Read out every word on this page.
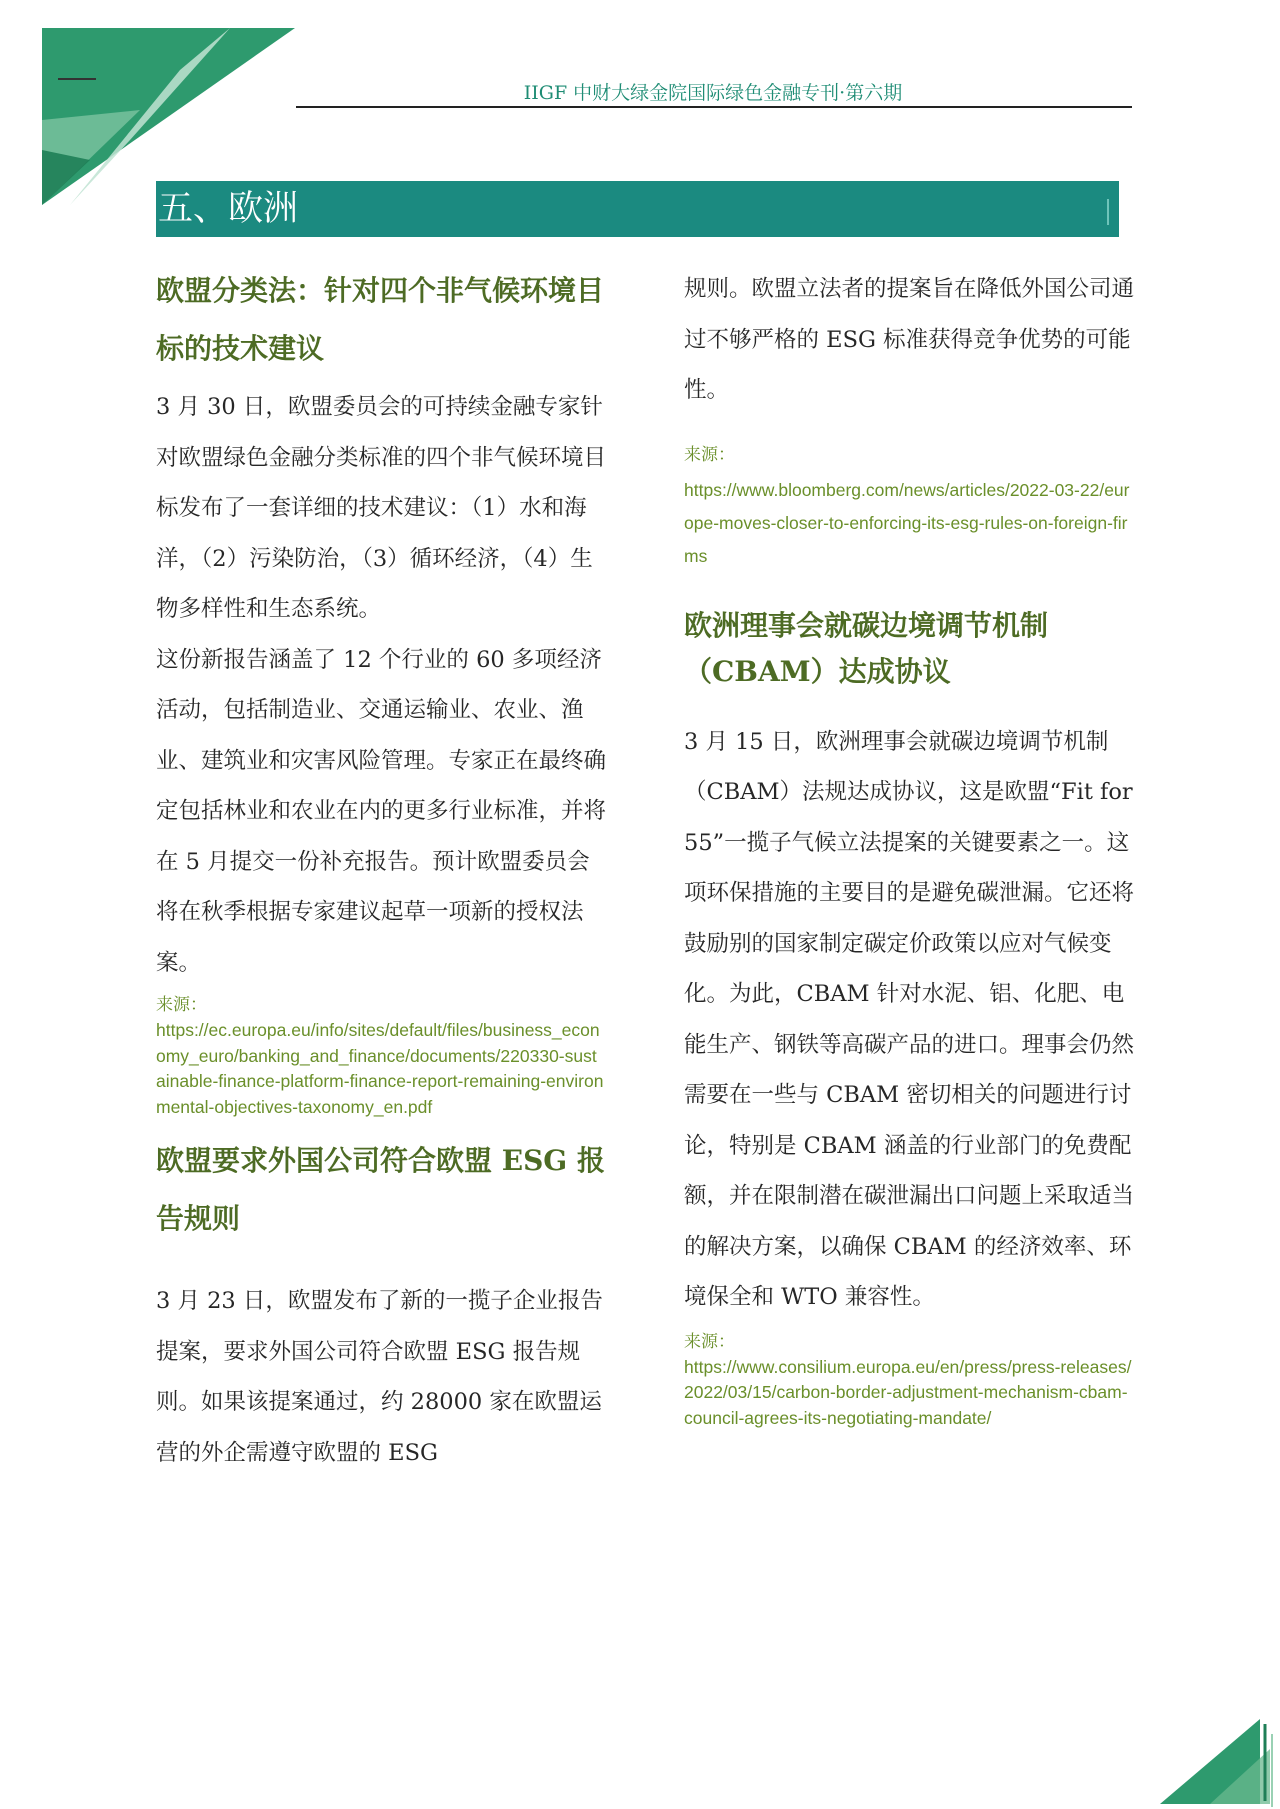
IIGF 中财大绿金院国际绿色金融专刊·第六期
五、欧洲
欧盟分类法：针对四个非气候环境目标的技术建议

3 月 30 日，欧盟委员会的可持续金融专家针对欧盟绿色金融分类标准的四个非气候环境目标发布了一套详细的技术建议：（1）水和海洋，（2）污染防治，（3）循环经济，（4）生物多样性和生态系统。

这份新报告涵盖了 12 个行业的 60 多项经济活动，包括制造业、交通运输业、农业、渔业、建筑业和灾害风险管理。专家正在最终确定包括林业和农业在内的更多行业标准，并将在 5 月提交一份补充报告。预计欧盟委员会将在秋季根据专家建议起草一项新的授权法案。

来源：

https://ec.europa.eu/info/sites/default/files/business_economy_euro/banking_and_finance/documents/220330-sustainable-finance-platform-finance-report-remaining-environmental-objectives-taxonomy_en.pdf

欧盟要求外国公司符合欧盟 ESG 报告规则

3 月 23 日，欧盟发布了新的一揽子企业报告提案，要求外国公司符合欧盟 ESG 报告规则。如果该提案通过，约 28000 家在欧盟运营的外企需遵守欧盟的 ESG

规则。欧盟立法者的提案旨在降低外国公司通过不够严格的 ESG 标准获得竞争优势的可能性。

来源：

https://www.bloomberg.com/news/articles/2022-03-22/europe-moves-closer-to-enforcing-its-esg-rules-on-foreign-firms

欧洲理事会就碳边境调节机制（CBAM）达成协议

3 月 15 日，欧洲理事会就碳边境调节机制（CBAM）法规达成协议，这是欧盟“Fit for 55”一揽子气候立法提案的关键要素之一。这项环保措施的主要目的是避免碳泄漏。它还将鼓励别的国家制定碳定价政策以应对气候变化。为此，CBAM 针对水泥、铝、化肥、电能生产、钢铁等高碳产品的进口。理事会仍然需要在一些与 CBAM 密切相关的问题进行讨论，特别是 CBAM 涵盖的行业部门的免费配额，并在限制潜在碳泄漏出口问题上采取适当的解决方案，以确保 CBAM 的经济效率、环境保全和 WTO 兼容性。

来源：

https://www.consilium.europa.eu/en/press/press-releases/2022/03/15/carbon-border-adjustment-mechanism-cbam-council-agrees-its-negotiating-mandate/
